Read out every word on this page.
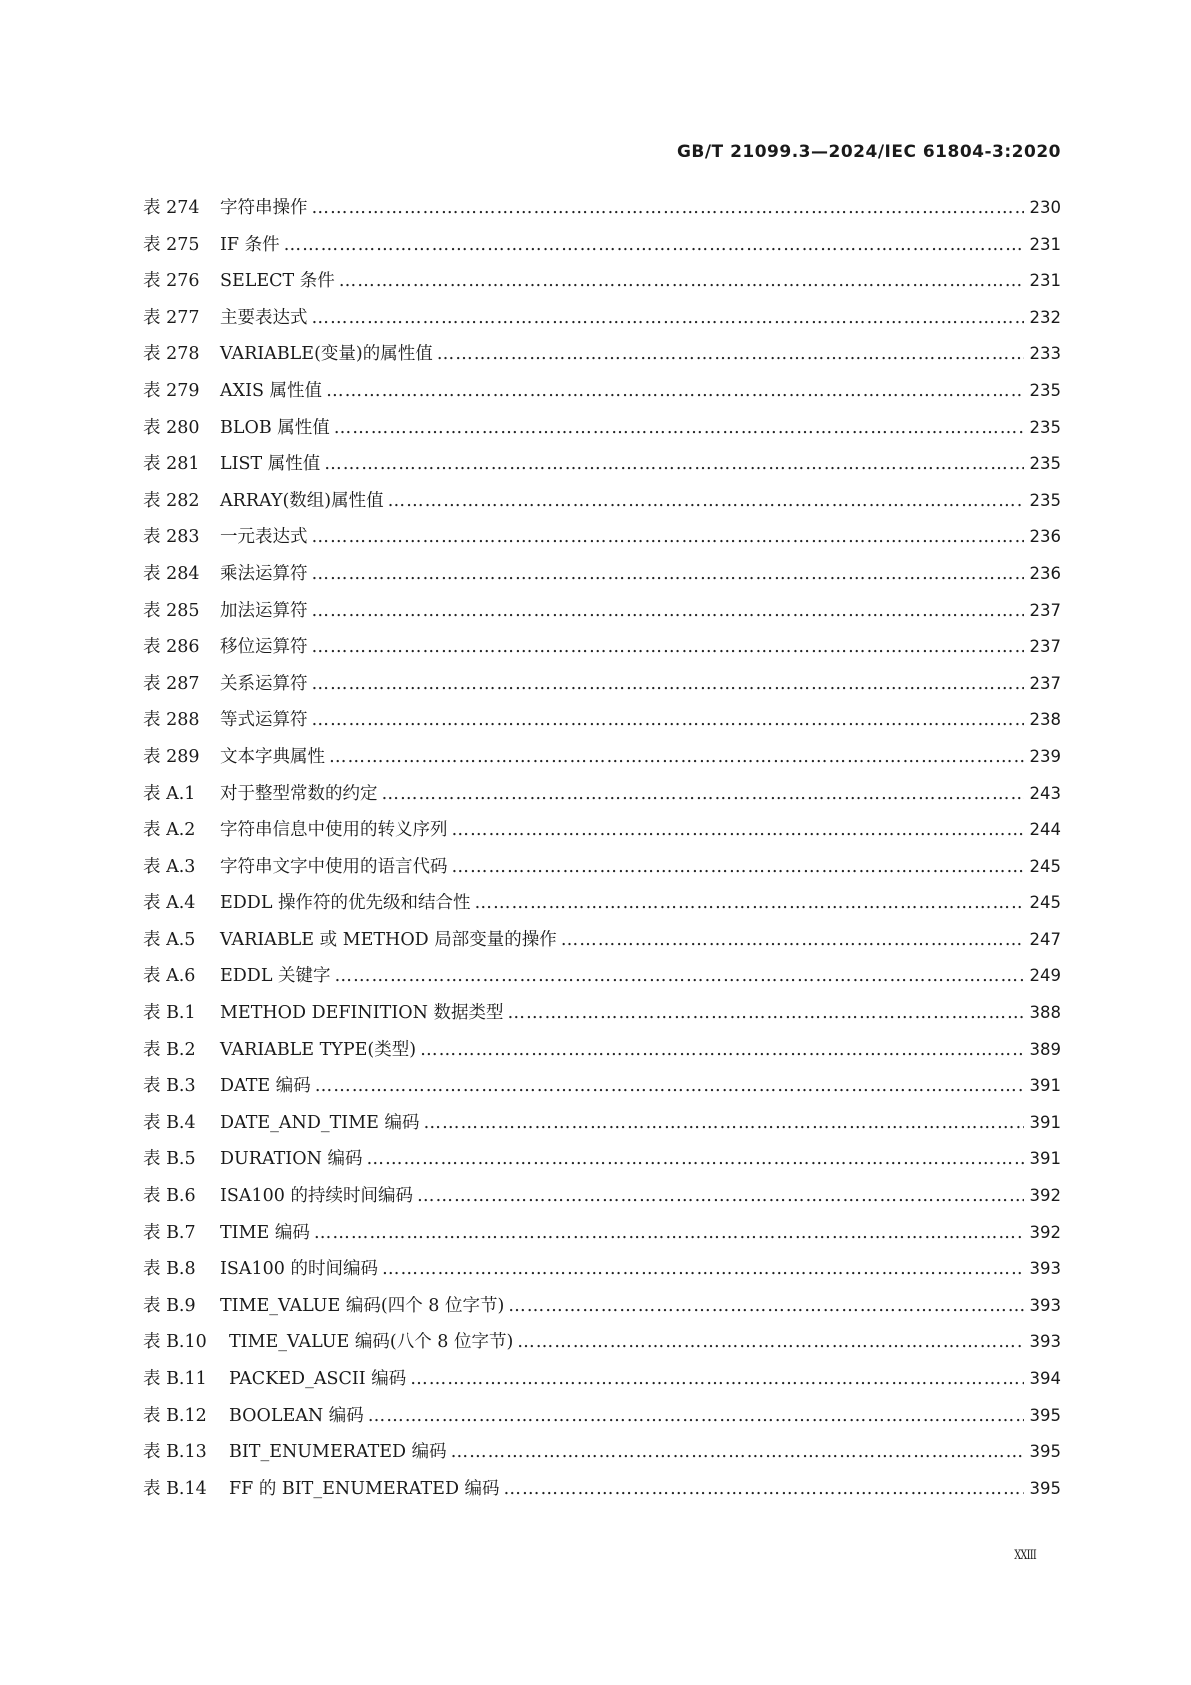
GB/T 21099.3—2024/IEC 61804-3:2020
表 274	字符串操作 ……………………………………………………………………………………………………………………………………………………………………………………………………	230
表 275	IF 条件 ……………………………………………………………………………………………………………………………………………………………………………………………………	231
表 276	SELECT 条件 ……………………………………………………………………………………………………………………………………………………………………………………………………	231
表 277	主要表达式 ……………………………………………………………………………………………………………………………………………………………………………………………………	232
表 278	VARIABLE(变量)的属性值 ……………………………………………………………………………………………………………………………………………………………………………………………………	233
表 279	AXIS 属性值 ……………………………………………………………………………………………………………………………………………………………………………………………………	235
表 280	BLOB 属性值 ……………………………………………………………………………………………………………………………………………………………………………………………………	235
表 281	LIST 属性值 ……………………………………………………………………………………………………………………………………………………………………………………………………	235
表 282	ARRAY(数组)属性值 ……………………………………………………………………………………………………………………………………………………………………………………………………	235
表 283	一元表达式 ……………………………………………………………………………………………………………………………………………………………………………………………………	236
表 284	乘法运算符 ……………………………………………………………………………………………………………………………………………………………………………………………………	236
表 285	加法运算符 ……………………………………………………………………………………………………………………………………………………………………………………………………	237
表 286	移位运算符 ……………………………………………………………………………………………………………………………………………………………………………………………………	237
表 287	关系运算符 ……………………………………………………………………………………………………………………………………………………………………………………………………	237
表 288	等式运算符 ……………………………………………………………………………………………………………………………………………………………………………………………………	238
表 289	文本字典属性 ……………………………………………………………………………………………………………………………………………………………………………………………………	239
表 A.1	对于整型常数的约定 ……………………………………………………………………………………………………………………………………………………………………………………………………	243
表 A.2	字符串信息中使用的转义序列 ……………………………………………………………………………………………………………………………………………………………………………………………………	244
表 A.3	字符串文字中使用的语言代码 ……………………………………………………………………………………………………………………………………………………………………………………………………	245
表 A.4	EDDL 操作符的优先级和结合性 ……………………………………………………………………………………………………………………………………………………………………………………………………	245
表 A.5	VARIABLE 或 METHOD 局部变量的操作 ……………………………………………………………………………………………………………………………………………………………………………………………………	247
表 A.6	EDDL 关键字 ……………………………………………………………………………………………………………………………………………………………………………………………………	249
表 B.1	METHOD DEFINITION 数据类型 ……………………………………………………………………………………………………………………………………………………………………………………………………	388
表 B.2	VARIABLE TYPE(类型) ……………………………………………………………………………………………………………………………………………………………………………………………………	389
表 B.3	DATE 编码 ……………………………………………………………………………………………………………………………………………………………………………………………………	391
表 B.4	DATE_AND_TIME 编码 ……………………………………………………………………………………………………………………………………………………………………………………………………	391
表 B.5	DURATION 编码 ……………………………………………………………………………………………………………………………………………………………………………………………………	391
表 B.6	ISA100 的持续时间编码 ……………………………………………………………………………………………………………………………………………………………………………………………………	392
表 B.7	TIME 编码 ……………………………………………………………………………………………………………………………………………………………………………………………………	392
表 B.8	ISA100 的时间编码 ……………………………………………………………………………………………………………………………………………………………………………………………………	393
表 B.9	TIME_VALUE 编码(四个 8 位字节) ……………………………………………………………………………………………………………………………………………………………………………………………………	393
表 B.10	TIME_VALUE 编码(八个 8 位字节) ……………………………………………………………………………………………………………………………………………………………………………………………………	393
表 B.11	PACKED_ASCII 编码 ……………………………………………………………………………………………………………………………………………………………………………………………………	394
表 B.12	BOOLEAN 编码 ……………………………………………………………………………………………………………………………………………………………………………………………………	395
表 B.13	BIT_ENUMERATED 编码 ……………………………………………………………………………………………………………………………………………………………………………………………………	395
表 B.14	FF 的 BIT_ENUMERATED 编码 ……………………………………………………………………………………………………………………………………………………………………………………………………	395
XXIII
